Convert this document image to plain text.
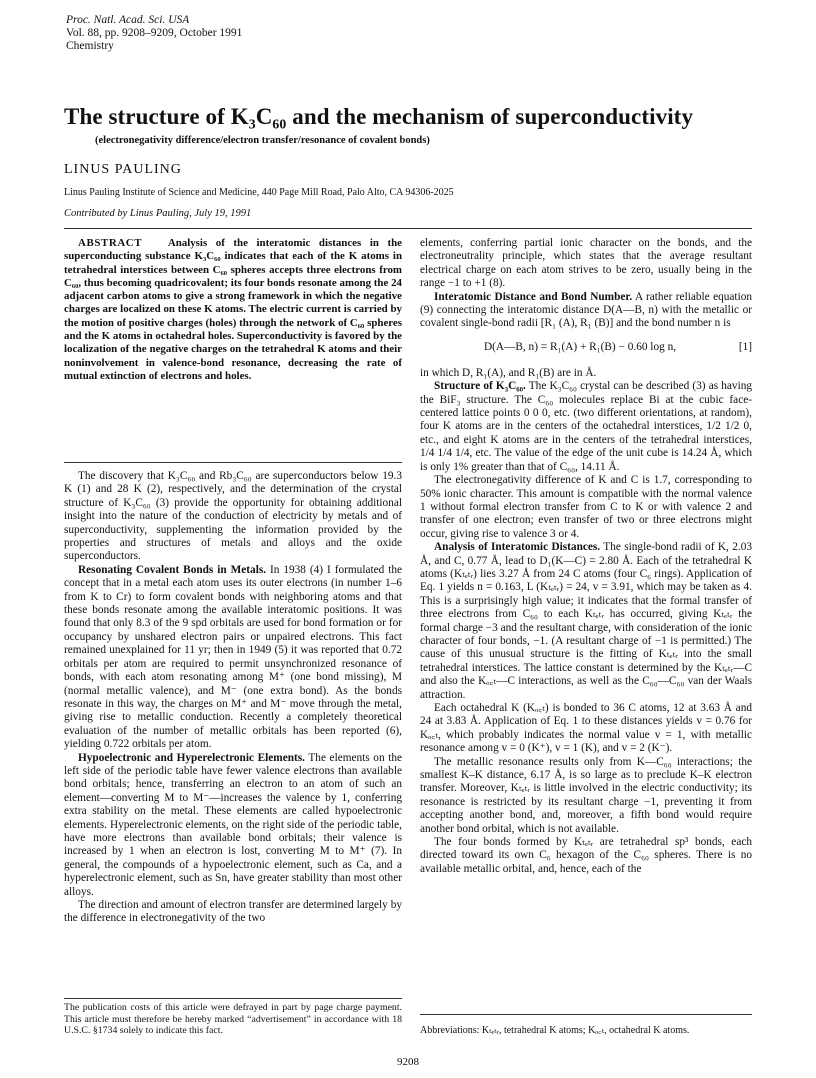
Proc. Natl. Acad. Sci. USA
Vol. 88, pp. 9208–9209, October 1991
Chemistry
The structure of K₃C₆₀ and the mechanism of superconductivity
(electronegativity difference/electron transfer/resonance of covalent bonds)
LINUS PAULING
Linus Pauling Institute of Science and Medicine, 440 Page Mill Road, Palo Alto, CA 94306-2025
Contributed by Linus Pauling, July 19, 1991

ABSTRACT Analysis of the interatomic distances in the superconducting substance K₃C₆₀ indicates that each of the K atoms in tetrahedral interstices between C₆₀ spheres accepts three electrons from C₆₀, thus becoming quadricovalent; its four bonds resonate among the 24 adjacent carbon atoms to give a strong framework in which the negative charges are localized on these K atoms. The electric current is carried by the motion of positive charges (holes) through the network of C₆₀ spheres and the K atoms in octahedral holes. Superconductivity is favored by the localization of the negative charges on the tetrahedral K atoms and their noninvolvement in valence-bond resonance, decreasing the rate of mutual extinction of electrons and holes.

The discovery that K₃C₆₀ and Rb₃C₆₀ are superconductors below 19.3 K (1) and 28 K (2), respectively, and the determination of the crystal structure of K₃C₆₀ (3) provide the opportunity for obtaining additional insight into the nature of the conduction of electricity by metals and of superconductivity, supplementing the information provided by the properties and structures of metals and alloys and the oxide superconductors.

Resonating Covalent Bonds in Metals. In 1938 (4) I formulated the concept that in a metal each atom uses its outer electrons (in number 1–6 from K to Cr) to form covalent bonds with neighboring atoms and that these bonds resonate among the available interatomic positions. It was found that only 8.3 of the 9 spd orbitals are used for bond formation or for occupancy by unshared electron pairs or unpaired electrons. This fact remained unexplained for 11 yr; then in 1949 (5) it was reported that 0.72 orbitals per atom are required to permit unsynchronized resonance of bonds, with each atom resonating among M⁺ (one bond missing), M (normal metallic valence), and M⁻ (one extra bond). As the bonds resonate in this way, the charges on M⁺ and M⁻ move through the metal, giving rise to metallic conduction. Recently a completely theoretical evaluation of the number of metallic orbitals has been reported (6), yielding 0.722 orbitals per atom.

Hypoelectronic and Hyperelectronic Elements. The elements on the left side of the periodic table have fewer valence electrons than available bond orbitals; hence, transferring an electron to an atom of such an element—converting M to M⁻—increases the valence by 1, conferring extra stability on the metal. These elements are called hypoelectronic elements. Hyperelectronic elements, on the right side of the periodic table, have more electrons than available bond orbitals; their valence is increased by 1 when an electron is lost, converting M to M⁺ (7). In general, the compounds of a hypoelectronic element, such as Ca, and a hyperelectronic element, such as Sn, have greater stability than most other alloys.

The direction and amount of electron transfer are determined largely by the difference in electronegativity of the two

The publication costs of this article were defrayed in part by page charge payment. This article must therefore be hereby marked “advertisement” in accordance with 18 U.S.C. §1734 solely to indicate this fact.

elements, conferring partial ionic character on the bonds, and the electroneutrality principle, which states that the average resultant electrical charge on each atom strives to be zero, usually being in the range −1 to +1 (8).

Interatomic Distance and Bond Number. A rather reliable equation (9) connecting the interatomic distance D(A—B, n) with the metallic or covalent single-bond radii [R₁ (A), R₁ (B)] and the bond number n is

D(A—B, n) = R₁(A) + R₁(B) − 0.60 log n,	[1]

in which D, R₁(A), and R₁(B) are in Å.

Structure of K₃C₆₀. The K₃C₆₀ crystal can be described (3) as having the BiF₃ structure. The C₆₀ molecules replace Bi at the cubic face-centered lattice points 0 0 0, etc. (two different orientations, at random), four K atoms are in the centers of the octahedral interstices, 1/2 1/2 0, etc., and eight K atoms are in the centers of the tetrahedral interstices, 1/4 1/4 1/4, etc. The value of the edge of the unit cube is 14.24 Å, which is only 1% greater than that of C₆₀, 14.11 Å.

The electronegativity difference of K and C is 1.7, corresponding to 50% ionic character. This amount is compatible with the normal valence 1 without formal electron transfer from C to K or with valence 2 and transfer of one electron; even transfer of two or three electrons might occur, giving rise to valence 3 or 4.

Analysis of Interatomic Distances. The single-bond radii of K, 2.03 Å, and C, 0.77 Å, lead to D₁(K—C) = 2.80 Å. Each of the tetrahedral K atoms (Kₜₑₜᵣ) lies 3.27 Å from 24 C atoms (four C₆ rings). Application of Eq. 1 yields n = 0.163, L (Kₜₑₜᵣ) = 24, v = 3.91, which may be taken as 4. This is a surprisingly high value; it indicates that the formal transfer of three electrons from C₆₀ to each Kₜₑₜᵣ has occurred, giving Kₜₑₜᵣ the formal charge −3 and the resultant charge, with consideration of the ionic character of four bonds, −1. (A resultant charge of −1 is permitted.) The cause of this unusual structure is the fitting of Kₜₑₜᵣ into the small tetrahedral interstices. The lattice constant is determined by the Kₜₑₜᵣ—C and also the Kₒ꜀ₜ—C interactions, as well as the C₆₀—C₆₀ van der Waals attraction.

Each octahedral K (Kₒ꜀ₜ) is bonded to 36 C atoms, 12 at 3.63 Å and 24 at 3.83 Å. Application of Eq. 1 to these distances yields v = 0.76 for Kₒ꜀ₜ, which probably indicates the normal value v = 1, with metallic resonance among v = 0 (K⁺), v = 1 (K), and v = 2 (K⁻).

The metallic resonance results only from K—C₆₀ interactions; the smallest K–K distance, 6.17 Å, is so large as to preclude K–K electron transfer. Moreover, Kₜₑₜᵣ is little involved in the electric conductivity; its resonance is restricted by its resultant charge −1, preventing it from accepting another bond, and, moreover, a fifth bond would require another bond orbital, which is not available.

The four bonds formed by Kₜₑₜᵣ are tetrahedral sp³ bonds, each directed toward its own C₆ hexagon of the C₆₀ spheres. There is no available metallic orbital, and, hence, each of the

Abbreviations: Kₜₑₜᵣ, tetrahedral K atoms; Kₒ꜀ₜ, octahedral K atoms.
9208
